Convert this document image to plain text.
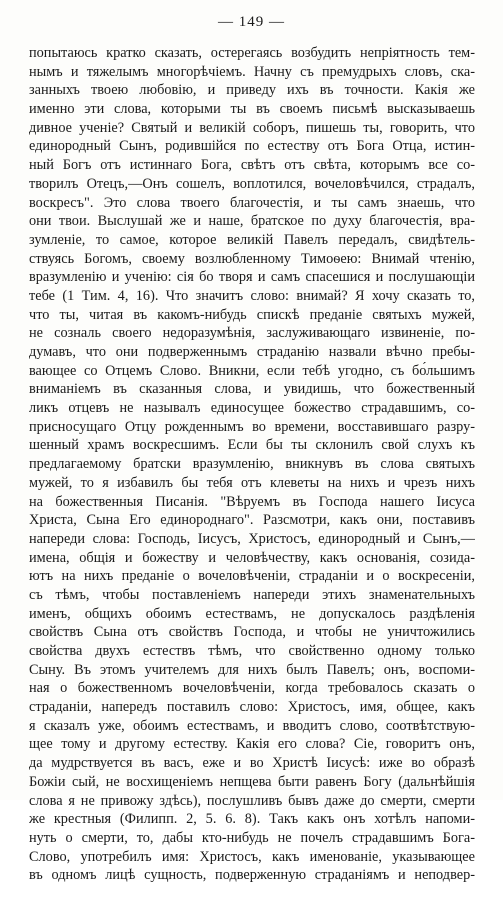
— 149 —
попытаюсь кратко сказать, остерегаясь возбудить непріятность тем-
нымъ и тяжелымъ многорѣчіемъ. Начну съ премудрыхъ словъ, ска-
занныхъ твоею любовію, и приведу ихъ въ точности. Какія же
именно эти слова, которыми ты въ своемъ письмѣ высказываешь
дивное ученіе? Святый и великій соборъ, пишешь ты, говорить, что
единородный Сынъ, родившійся по естеству отъ Бога Отца, истин-
ный Богъ отъ истиннаго Бога, свѣтъ отъ свѣта, которымъ все со-
творилъ Отецъ,—Онъ сошелъ, воплотился, вочеловѣчился, страдалъ,
воскресъ". Это слова твоего благочестія, и ты самъ знаешь, что
они твои. Выслушай же и наше, братское по духу благочестія, вра-
зумленіе, то самое, которое великій Павелъ передалъ, свидѣтель-
ствуясь Богомъ, своему возлюбленному Тимоѳею: Внимай чтенію,
вразумленію и ученію: сія бо творя и самъ спасешися и послушающіи
тебе (1 Тим. 4, 16). Что значитъ слово: внимай? Я хочу сказать то,
что ты, читая въ какомъ-нибудь спискѣ преданіе святыхъ мужей,
не созналь своего недоразумѣнія, заслуживающаго извиненіе, по-
думавъ, что они подверженнымъ страданію назвали вѣчно пребы-
вающее со Отцемъ Слово. Вникни, если тебѣ угодно, съ бо́льшимъ
вниманіемъ въ сказанныя слова, и увидишь, что божественный
ликъ отцевъ не называлъ единосущее божество страдавшимъ, со-
присносущаго Отцу рожденнымъ во времени, восставившаго разру-
шенный храмъ воскресшимъ. Если бы ты склонилъ свой слухъ къ
предлагаемому братски вразумленію, вникнувъ въ слова святыхъ
мужей, то я избавилъ бы тебя отъ клеветы на нихъ и чрезъ нихъ
на божественныя Писанія. "Вѣруемъ въ Господа нашего Іисуса
Христа, Сына Его единороднаго". Разсмотри, какъ они, поставивъ
напереди слова: Господь, Іисусъ, Христосъ, единородный и Сынъ,—
имена, общія и божеству и человѣчеству, какъ основанія, созида-
ютъ на нихъ преданіе о вочеловѣченіи, страданіи и о воскресеніи,
съ тѣмъ, чтобы поставленіемъ напереди этихъ знаменательныхъ
именъ, общихъ обоимъ естествамъ, не допускалось раздѣленія
свойствъ Сына отъ свойствъ Господа, и чтобы не уничтожились
свойства двухъ естествъ тѣмъ, что свойственно одному только
Сыну. Въ этомъ учителемъ для нихъ былъ Павелъ; онъ, воспоми-
ная о божественномъ вочеловѣченіи, когда требовалось сказать о
страданіи, напередъ поставилъ слово: Христосъ, имя, общее, какъ
я сказалъ уже, обоимъ естествамъ, и вводитъ слово, соотвѣтствую-
щее тому и другому естеству. Какія его слова? Сіе, говоритъ онъ,
да мудрствуется въ васъ, еже и во Христѣ Іисусѣ: иже во образѣ
Божіи сый, не восхищеніемъ непщева быти равенъ Богу (дальнѣйшія
слова я не привожу здѣсь), послушливъ бывъ даже до смерти, смерти
же крестныя (Филипп. 2, 5. 6. 8). Такъ какъ онъ хотѣлъ напоми-
нуть о смерти, то, дабы кто-нибудь не почелъ страдавшимъ Бога-
Слово, употребилъ имя: Христосъ, какъ именованіе, указывающее
въ одномъ лицѣ сущность, подверженную страданіямъ и неподвер-
